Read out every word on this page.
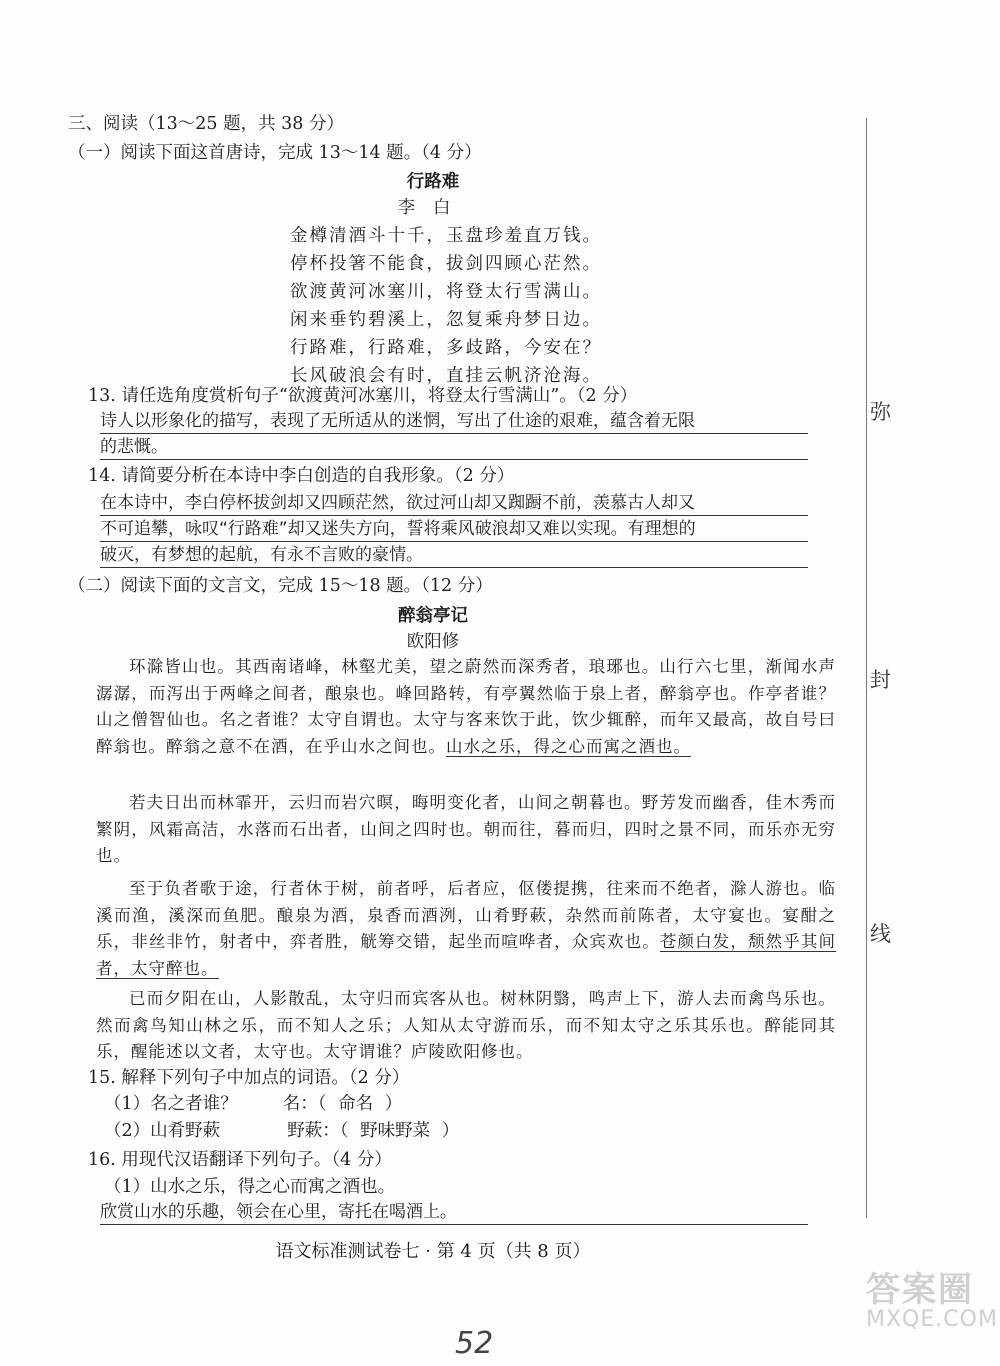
弥
封
线
三、阅读（13～25 题，共 38 分）
（一）阅读下面这首唐诗，完成 13～14 题。（4 分）
行路难
李白
金樽清酒斗十千，玉盘珍羞直万钱。
停杯投箸不能食，拔剑四顾心茫然。
欲渡黄河冰塞川，将登太行雪满山。
闲来垂钓碧溪上，忽复乘舟梦日边。
行路难，行路难，多歧路，今安在？
长风破浪会有时，直挂云帆济沧海。
13. 请任选角度赏析句子“欲渡黄河冰塞川，将登太行雪满山”。（2 分）
诗人以形象化的描写，表现了无所适从的迷惘，写出了仕途的艰难，蕴含着无限
的悲慨。
14. 请简要分析在本诗中李白创造的自我形象。（2 分）
在本诗中，李白停杯拔剑却又四顾茫然，欲过河山却又踟蹰不前，羡慕古人却又
不可追攀，咏叹“行路难”却又迷失方向，誓将乘风破浪却又难以实现。有理想的
破灭，有梦想的起航，有永不言败的豪情。
（二）阅读下面的文言文，完成 15～18 题。（12 分）
醉翁亭记
欧阳修
环滁皆山也。其西南诸峰，林壑尤美，望之蔚然而深秀者，琅琊也。山行六七里，渐闻水声潺潺，而泻出于两峰之间者，酿泉也。峰回路转，有亭翼然临于泉上者，醉翁亭也。作亭者谁？山之僧智仙也。名之者谁？太守自谓也。太守与客来饮于此，饮少辄醉，而年又最高，故自号曰醉翁也。醉翁之意不在酒，在乎山水之间也。山水之乐，得之心而寓之酒也。
若夫日出而林霏开，云归而岩穴暝，晦明变化者，山间之朝暮也。野芳发而幽香，佳木秀而繁阴，风霜高洁，水落而石出者，山间之四时也。朝而往，暮而归，四时之景不同，而乐亦无穷也。
至于负者歌于途，行者休于树，前者呼，后者应，伛偻提携，往来而不绝者，滁人游也。临溪而渔，溪深而鱼肥。酿泉为酒，泉香而酒洌，山肴野蔌，杂然而前陈者，太守宴也。宴酣之乐，非丝非竹，射者中，弈者胜，觥筹交错，起坐而喧哗者，众宾欢也。苍颜白发，颓然乎其间者，太守醉也。
已而夕阳在山，人影散乱，太守归而宾客从也。树林阴翳，鸣声上下，游人去而禽鸟乐也。然而禽鸟知山林之乐，而不知人之乐；人知从太守游而乐，而不知太守之乐其乐也。醉能同其乐，醒能述以文者，太守也。太守谓谁？庐陵欧阳修也。
15. 解释下列句子中加点的词语。（2 分）
（1）名之者谁？	名：（ 命名 ）
（2）山肴野蔌	野蔌：（ 野味野菜 ）
16. 用现代汉语翻译下列句子。（4 分）
（1）山水之乐，得之心而寓之酒也。
欣赏山水的乐趣，领会在心里，寄托在喝酒上。
语文标准测试卷七 · 第 4 页（共 8 页）
52
答案圈
MXQE.COM
